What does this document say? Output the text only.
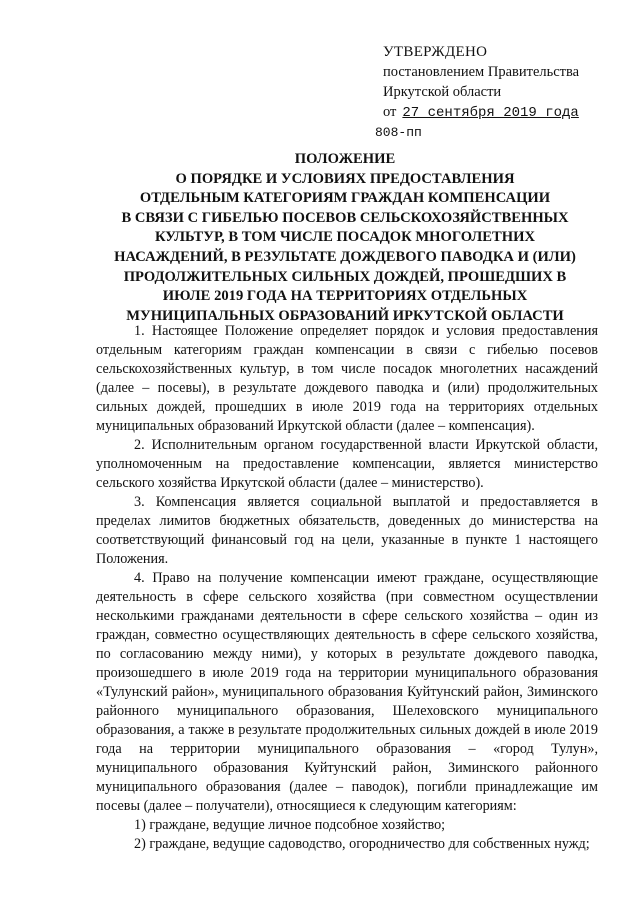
УТВЕРЖДЕНО
постановлением Правительства
Иркутской области
от 27 сентября 2019 года
808-пп
ПОЛОЖЕНИЕ
О ПОРЯДКЕ И УСЛОВИЯХ ПРЕДОСТАВЛЕНИЯ
ОТДЕЛЬНЫМ КАТЕГОРИЯМ ГРАЖДАН КОМПЕНСАЦИИ
В СВЯЗИ С ГИБЕЛЬЮ ПОСЕВОВ СЕЛЬСКОХОЗЯЙСТВЕННЫХ
КУЛЬТУР, В ТОМ ЧИСЛЕ ПОСАДОК МНОГОЛЕТНИХ
НАСАЖДЕНИЙ, В РЕЗУЛЬТАТЕ ДОЖДЕВОГО ПАВОДКА И (ИЛИ)
ПРОДОЛЖИТЕЛЬНЫХ СИЛЬНЫХ ДОЖДЕЙ, ПРОШЕДШИХ В
ИЮЛЕ 2019 ГОДА НА ТЕРРИТОРИЯХ ОТДЕЛЬНЫХ
МУНИЦИПАЛЬНЫХ ОБРАЗОВАНИЙ ИРКУТСКОЙ ОБЛАСТИ

1. Настоящее Положение определяет порядок и условия предоставления отдельным категориям граждан компенсации в связи с гибелью посевов сельскохозяйственных культур, в том числе посадок многолетних насаждений (далее – посевы), в результате дождевого паводка и (или) продолжительных сильных дождей, прошедших в июле 2019 года на территориях отдельных муниципальных образований Иркутской области (далее – компенсация).

2. Исполнительным органом государственной власти Иркутской области, уполномоченным на предоставление компенсации, является министерство сельского хозяйства Иркутской области (далее – министерство).

3. Компенсация является социальной выплатой и предоставляется в пределах лимитов бюджетных обязательств, доведенных до министерства на соответствующий финансовый год на цели, указанные в пункте 1 настоящего Положения.

4. Право на получение компенсации имеют граждане, осуществляющие деятельность в сфере сельского хозяйства (при совместном осуществлении несколькими гражданами деятельности в сфере сельского хозяйства – один из граждан, совместно осуществляющих деятельность в сфере сельского хозяйства, по согласованию между ними), у которых в результате дождевого паводка, произошедшего в июле 2019 года на территории муниципального образования «Тулунский район», муниципального образования Куйтунский район, Зиминского районного муниципального образования, Шелеховского муниципального образования, а также в результате продолжительных сильных дождей в июле 2019 года на территории муниципального образования – «город Тулун», муниципального образования Куйтунский район, Зиминского районного муниципального образования (далее – паводок), погибли принадлежащие им посевы (далее – получатели), относящиеся к следующим категориям:

1) граждане, ведущие личное подсобное хозяйство;

2) граждане, ведущие садоводство, огородничество для собственных нужд;
